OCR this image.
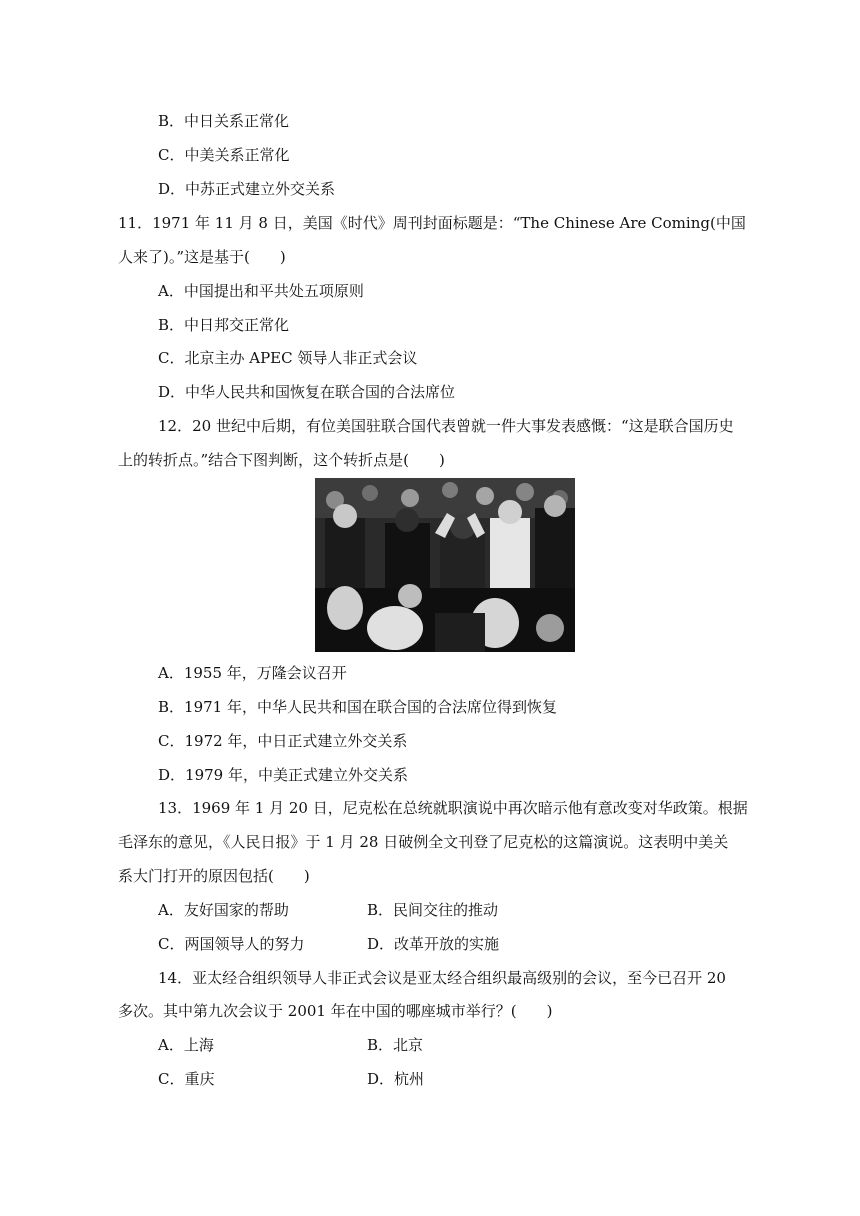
B．中日关系正常化
C．中美关系正常化
D．中苏正式建立外交关系
11．1971 年 11 月 8 日，美国《时代》周刊封面标题是：“The Chinese Are Coming(中国
人来了)。”这是基于(　　)
A．中国提出和平共处五项原则
B．中日邦交正常化
C．北京主办 APEC 领导人非正式会议
D．中华人民共和国恢复在联合国的合法席位
12．20 世纪中后期，有位美国驻联合国代表曾就一件大事发表感慨：“这是联合国历史
上的转折点。”结合下图判断，这个转折点是(　　)
A．1955 年，万隆会议召开
B．1971 年，中华人民共和国在联合国的合法席位得到恢复
C．1972 年，中日正式建立外交关系
D．1979 年，中美正式建立外交关系
13．1969 年 1 月 20 日，尼克松在总统就职演说中再次暗示他有意改变对华政策。根据
毛泽东的意见，《人民日报》于 1 月 28 日破例全文刊登了尼克松的这篇演说。这表明中美关
系大门打开的原因包括(　　)
A．友好国家的帮助	B．民间交往的推动
C．两国领导人的努力	D．改革开放的实施
14．亚太经合组织领导人非正式会议是亚太经合组织最高级别的会议，至今已召开 20
多次。其中第九次会议于 2001 年在中国的哪座城市举行？(　　)
A．上海	B．北京
C．重庆	D．杭州
